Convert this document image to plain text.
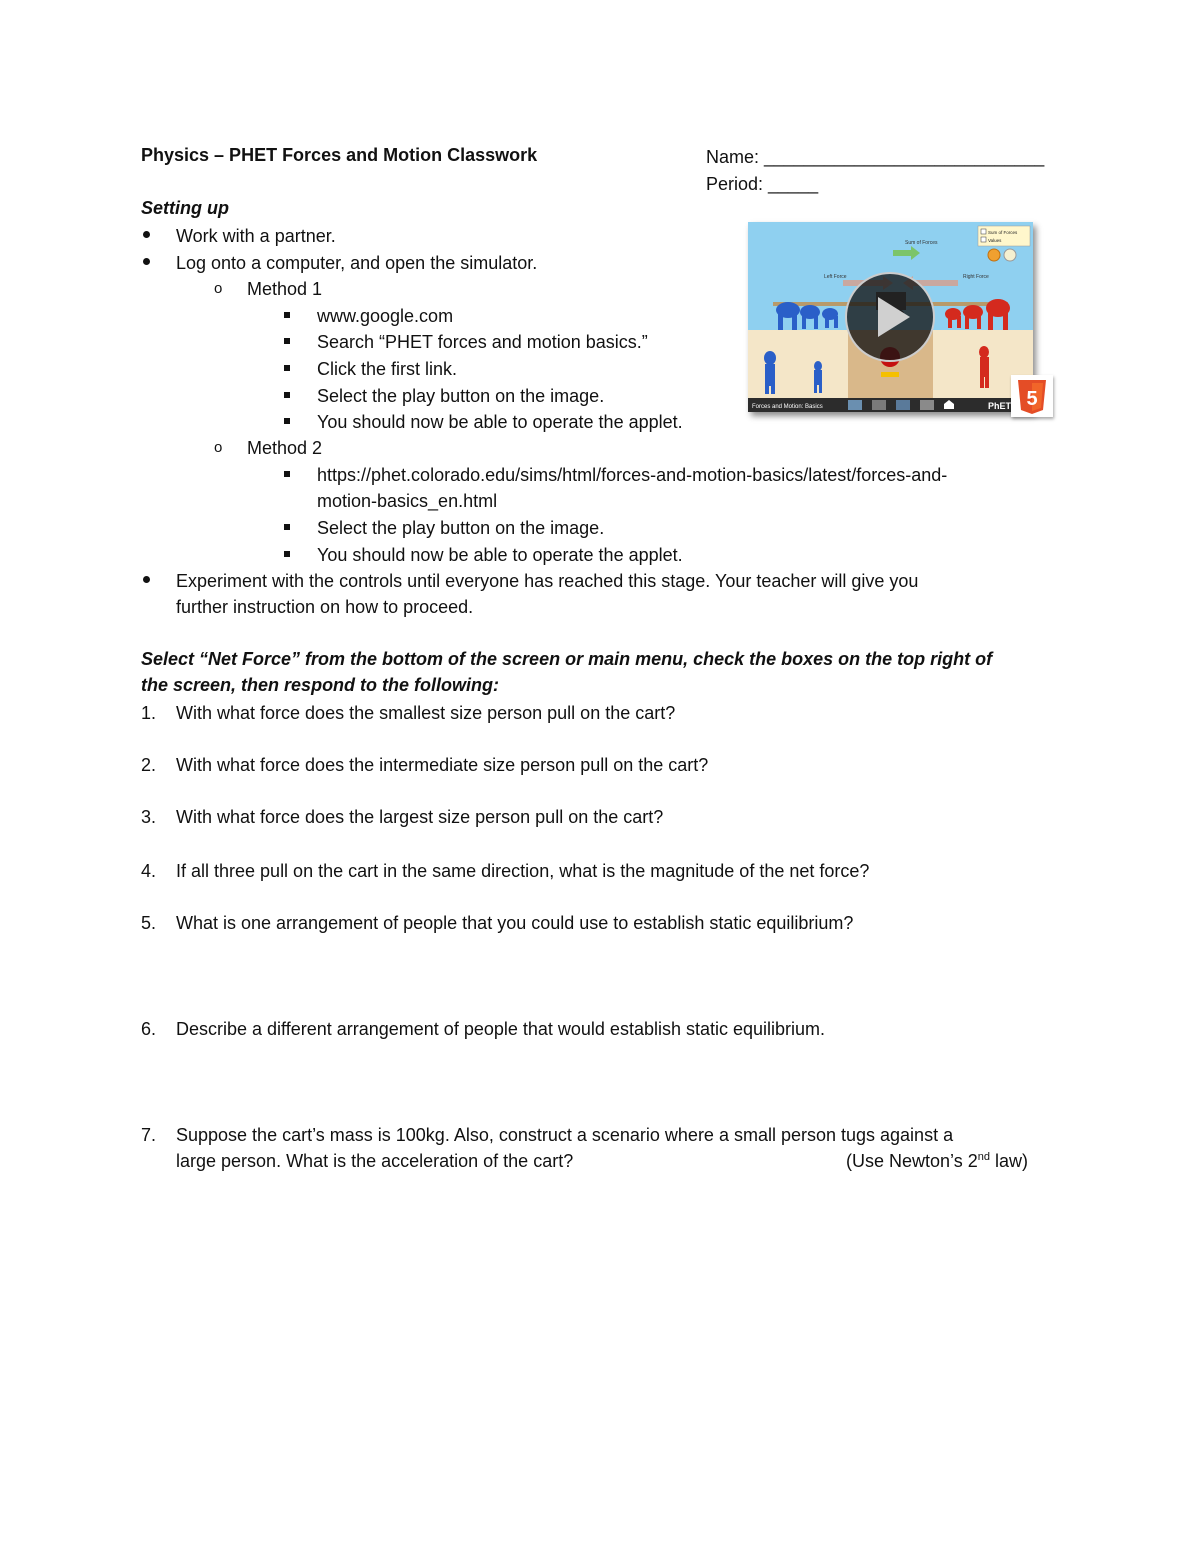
Physics – PHET Forces and Motion Classwork	Name: ____________________________
Period: _____
Setting up
Work with a partner.
Log onto a computer, and open the simulator.
o Method 1
www.google.com
Search “PHET forces and motion basics.”
Click the first link.
Select the play button on the image.
You should now be able to operate the applet.
o Method 2
https://phet.colorado.edu/sims/html/forces-and-motion-basics/latest/forces-and-
motion-basics_en.html
Select the play button on the image.
You should now be able to operate the applet.
Experiment with the controls until everyone has reached this stage. Your teacher will give you
further instruction on how to proceed.
Sum of Forces
Left Force	Right Force
Sum of Forces
Values
Forces and Motion: Basics	PhET 5
Select “Net Force” from the bottom of the screen or main menu, check the boxes on the top right of
the screen, then respond to the following:
1. With what force does the smallest size person pull on the cart?
2. With what force does the intermediate size person pull on the cart?
3. With what force does the largest size person pull on the cart?
4. If all three pull on the cart in the same direction, what is the magnitude of the net force?
5. What is one arrangement of people that you could use to establish static equilibrium?
6. Describe a different arrangement of people that would establish static equilibrium.
7. Suppose the cart’s mass is 100kg. Also, construct a scenario where a small person tugs against a
large person. What is the acceleration of the cart?	(Use Newton’s 2nd law)
